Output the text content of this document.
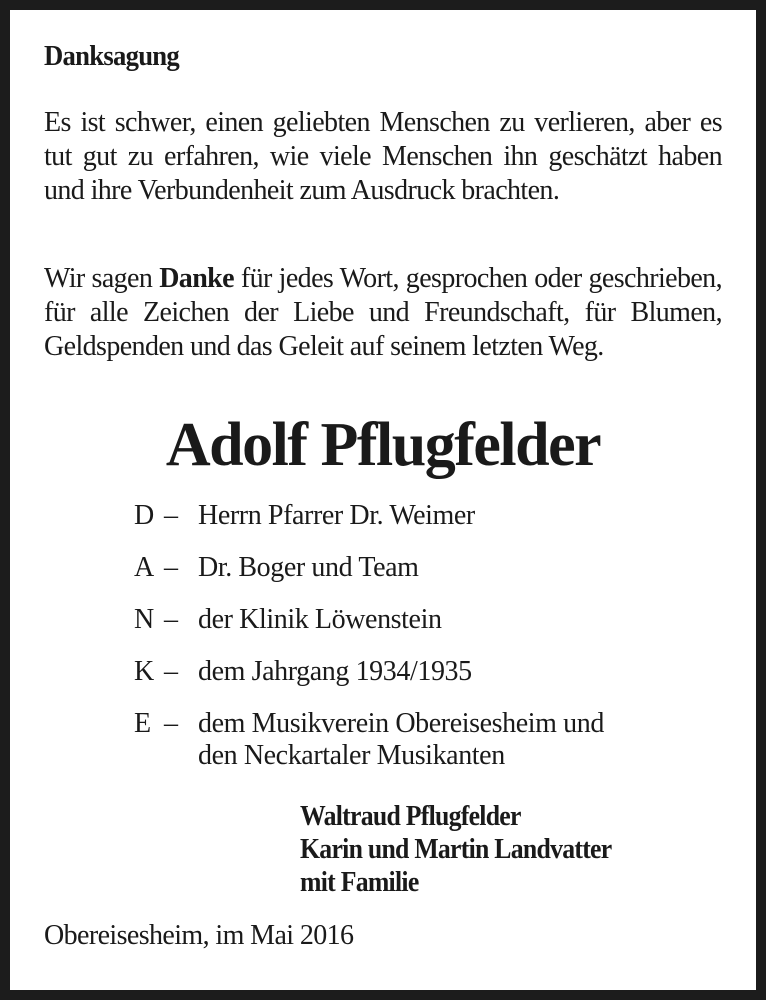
Danksagung
Es ist schwer, einen geliebten Menschen zu verlieren, aber es tut gut zu erfahren, wie viele Menschen ihn geschätzt haben und ihre Verbundenheit zum Ausdruck brachten.
Wir sagen Danke für jedes Wort, gesprochen oder geschrieben, für alle Zeichen der Liebe und Freundschaft, für Blumen, Geldspenden und das Geleit auf seinem letzten Weg.
Adolf Pflugfelder
D – Herrn Pfarrer Dr. Weimer
A – Dr. Boger und Team
N – der Klinik Löwenstein
K – dem Jahrgang 1934/1935
E – dem Musikverein Obereisesheim und
den Neckartaler Musikanten
Waltraud Pflugfelder
Karin und Martin Landvatter
mit Familie
Obereisesheim, im Mai 2016
